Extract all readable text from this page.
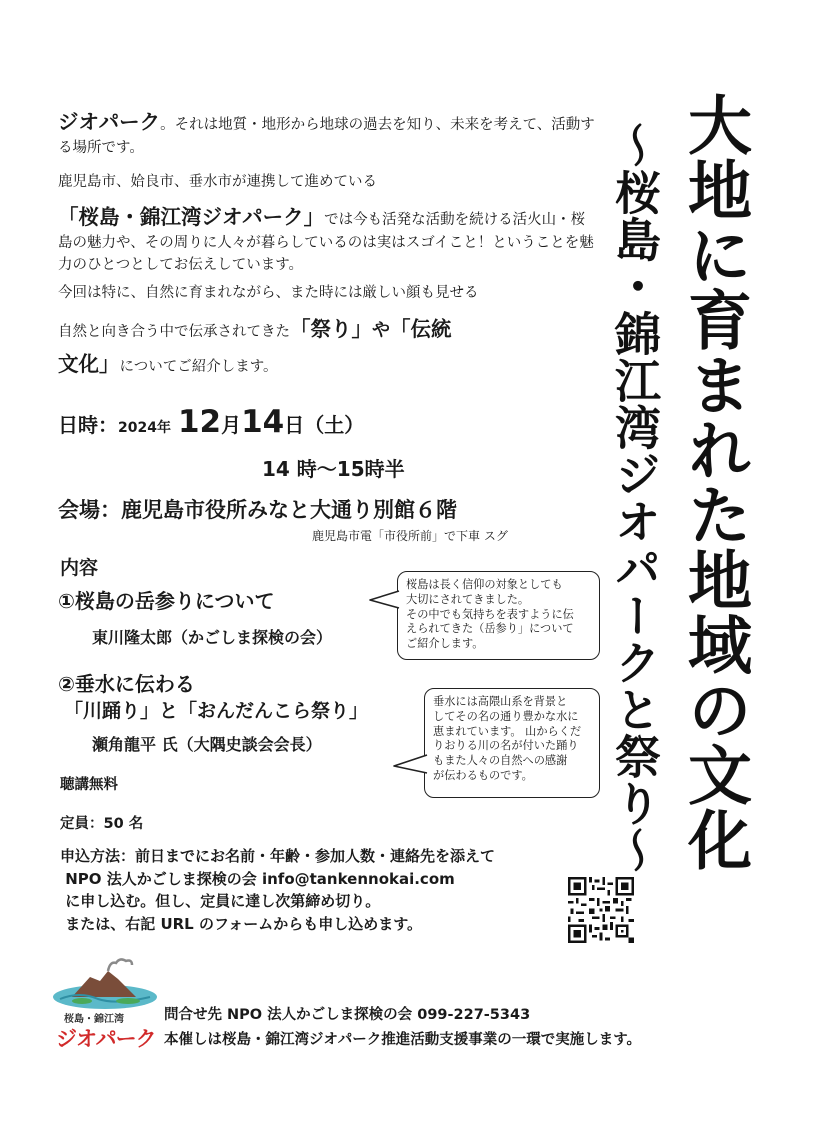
大地に育まれた地域の文化
～桜島・錦江湾ジオパークと祭り～
ジオパーク。それは地質・地形から地球の過去を知り、未来を考えて、活動する場所です。
鹿児島市、姶良市、垂水市が連携して進めている
「桜島・錦江湾ジオパーク」では今も活発な活動を続ける活火山・桜島の魅力や、その周りに人々が暮らしているのは実はスゴイこと！ということを魅力のひとつとしてお伝えしています。
今回は特に、自然に育まれながら、また時には厳しい顔も見せる
自然と向き合う中で伝承されてきた「祭り」や「伝統
文化」についてご紹介します。
日時：2024年 12月14日（土）
14 時～15時半
会場：鹿児島市役所みなと大通り別館６階
鹿児島市電「市役所前」で下車 スグ
内容
①桜島の岳参りについて
東川隆太郎（かごしま探検の会）
桜島は長く信仰の対象としても
大切にされてきました。
その中でも気持ちを表すように伝
えられてきた（岳参り」について
ご紹介します。
②垂水に伝わる
「川踊り」と「おんだんこら祭り」
瀬角龍平 氏（大隅史談会会長）
垂水には高隈山系を背景と
してその名の通り豊かな水に
恵まれています。 山からくだ
りおりる川の名が付いた踊り
もまた人々の自然への感謝
が伝わるものです。
聴講無料
定員：50 名
申込方法：前日までにお名前・年齢・参加人数・連絡先を添えて
NPO 法人かごしま探検の会 info@tankennokai.com
に申し込む。但し、定員に達し次第締め切り。
または、右記 URL のフォームからも申し込めます。
桜島・錦江湾
ジオパーク
問合せ先 NPO 法人かごしま探検の会 099-227-5343
本催しは桜島・錦江湾ジオパーク推進活動支援事業の一環で実施します。
